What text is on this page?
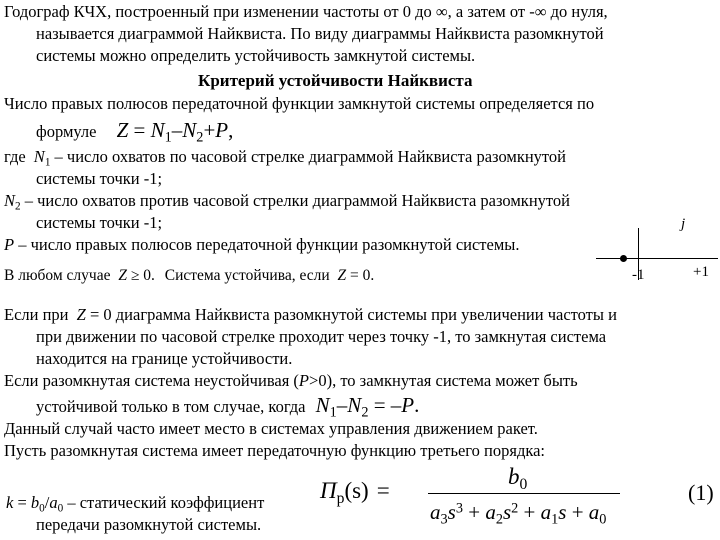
Годограф КЧХ, построенный при изменении частоты от 0 до ∞, а затем от -∞ до нуля,
называется диаграммой Найквиста. По виду диаграммы Найквиста разомкнутой
системы можно определить устойчивость замкнутой системы.
Критерий устойчивости Найквиста
Число правых полюсов передаточной функции замкнутой системы определяется по
формуле $Z = N_1-N_2+P$,
где $N_1$ – число охватов по часовой стрелке диаграммой Найквиста разомкнутой
системы точки -1;
$N_2$ – число охватов против часовой стрелки диаграммой Найквиста разомкнутой
системы точки -1;
P – число правых полюсов передаточной функции разомкнутой системы.
В любом случае Z ≥ 0. Система устойчива, если Z = 0.
j
-1	+1
Если при Z = 0 диаграмма Найквиста разомкнутой системы при увеличении частоты и
при движении по часовой стрелке проходит через точку -1, то замкнутая система
находится на границе устойчивости.
Если разомкнутая система неустойчивая (P>0), то замкнутая система может быть
устойчивой только в том случае, когда $N_1-N_2 = -P$.
Данный случай часто имеет место в системах управления движением ракет.
Пусть разомкнутая система имеет передаточную функцию третьего порядка:
$k = b_0/a_0$ – статический коэффициент
передачи разомкнутой системы.
$П_р(s)$ =
$b_0$
$a_3s^3 + a_2s^2 + a_1s + a_0$
(1)
